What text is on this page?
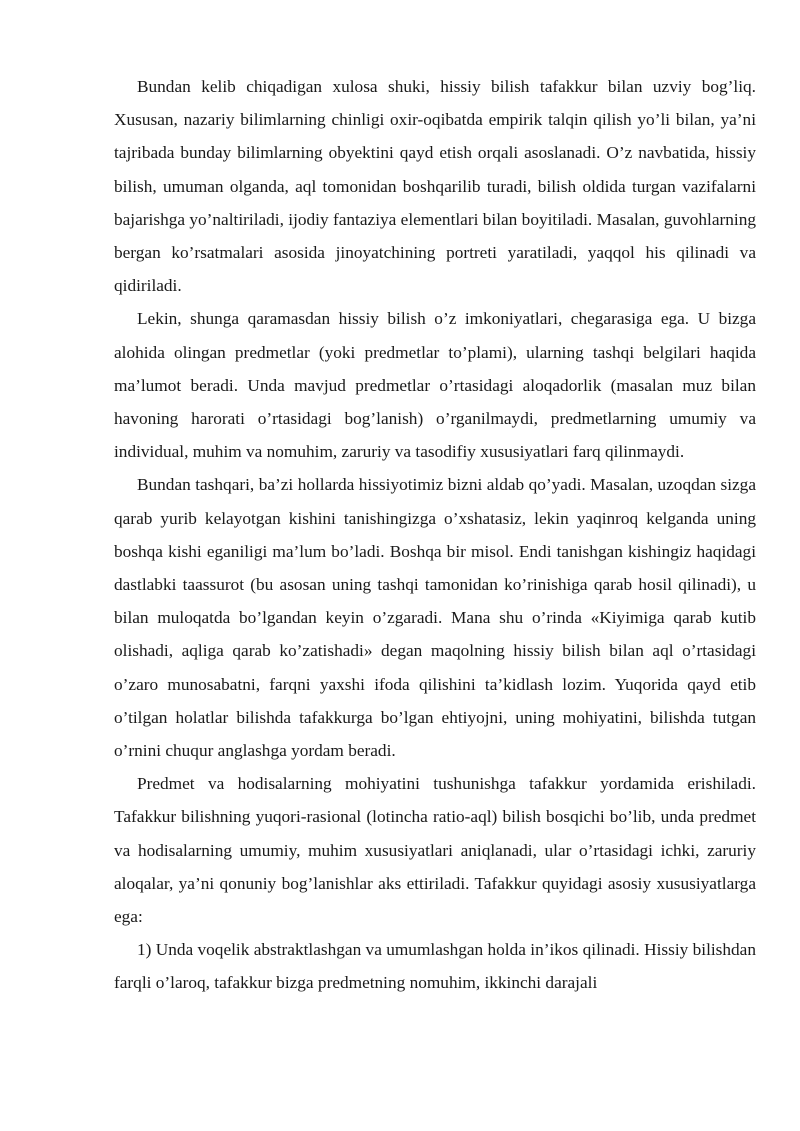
Bundan kelib chiqadigan xulosa shuki, hissiy bilish tafakkur bilan uzviy bog’liq. Xususan, nazariy bilimlarning chinligi oxir-oqibatda empirik talqin qilish yo’li bilan, ya’ni tajribada bunday bilimlarning obyektini qayd etish orqali asoslanadi. O’z navbatida, hissiy bilish, umuman olganda, aql tomonidan boshqarilib turadi, bilish oldida turgan vazifalarni bajarishga yo’naltiriladi, ijodiy fantaziya elementlari bilan boyitiladi. Masalan, guvohlarning bergan ko’rsatmalari asosida jinoyatchining portreti yaratiladi, yaqqol his qilinadi va qidiriladi.

Lekin, shunga qaramasdan hissiy bilish o’z imkoniyatlari, chegarasiga ega. U bizga alohida olingan predmetlar (yoki predmetlar to’plami), ularning tashqi belgilari haqida ma’lumot beradi. Unda mavjud predmetlar o’rtasidagi aloqadorlik (masalan muz bilan havoning harorati o’rtasidagi bog’lanish) o’rganilmaydi, predmetlarning umumiy va individual, muhim va nomuhim, zaruriy va tasodifiy xususiyatlari farq qilinmaydi.

Bundan tashqari, ba’zi hollarda hissiyotimiz bizni aldab qo’yadi. Masalan, uzoqdan sizga qarab yurib kelayotgan kishini tanishingizga o’xshatasiz, lekin yaqinroq kelganda uning boshqa kishi eganiligi ma’lum bo’ladi. Boshqa bir misol. Endi tanishgan kishingiz haqidagi dastlabki taassurot (bu asosan uning tashqi tamonidan ko’rinishiga qarab hosil qilinadi), u bilan muloqatda bo’lgandan keyin o’zgaradi. Mana shu o’rinda «Kiyimiga qarab kutib olishadi, aqliga qarab ko’zatishadi» degan maqolning hissiy bilish bilan aql o’rtasidagi o’zaro munosabatni, farqni yaxshi ifoda qilishini ta’kidlash lozim. Yuqorida qayd etib o’tilgan holatlar bilishda tafakkurga bo’lgan ehtiyojni, uning mohiyatini, bilishda tutgan o’rnini chuqur anglashga yordam beradi.

Predmet va hodisalarning mohiyatini tushunishga tafakkur yordamida erishiladi. Tafakkur bilishning yuqori-rasional (lotincha ratio-aql) bilish bosqichi bo’lib, unda predmet va hodisalarning umumiy, muhim xususiyatlari aniqlanadi, ular o’rtasidagi ichki, zaruriy aloqalar, ya’ni qonuniy bog’lanishlar aks ettiriladi. Tafakkur quyidagi asosiy xususiyatlarga ega:

1) Unda voqelik abstraktlashgan va umumlashgan holda in’ikos qilinadi. Hissiy bilishdan farqli o’laroq, tafakkur bizga predmetning nomuhim, ikkinchi darajali
